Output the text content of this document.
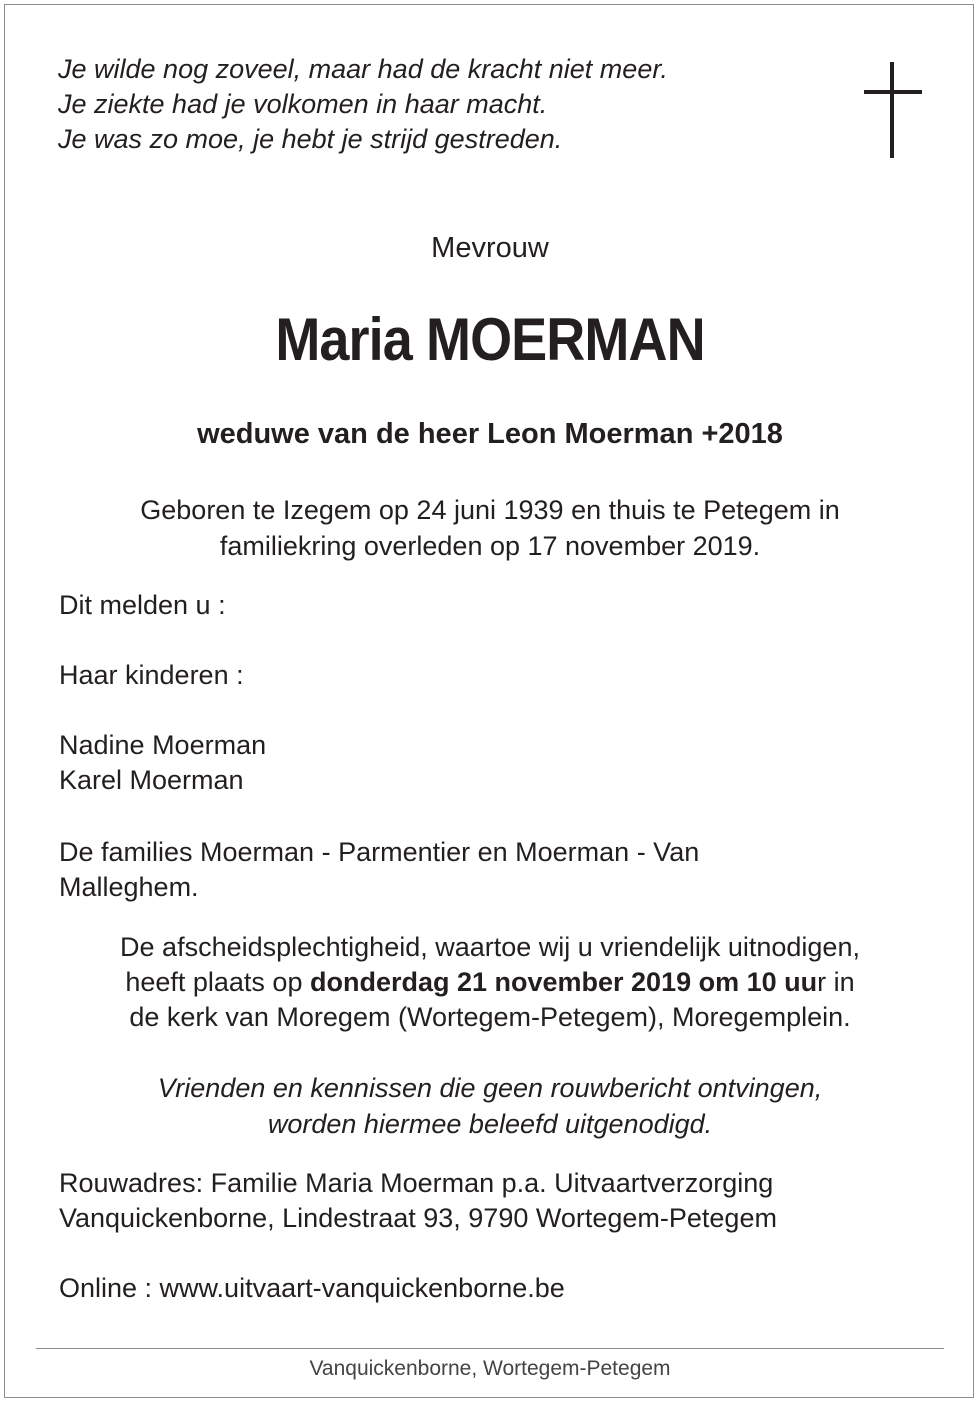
Je wilde nog zoveel, maar had de kracht niet meer.
Je ziekte had je volkomen in haar macht.
Je was zo moe, je hebt je strijd gestreden.
Mevrouw
Maria MOERMAN
weduwe van de heer Leon Moerman +2018
Geboren te Izegem op 24 juni 1939 en thuis te Petegem in
familiekring overleden op 17 november 2019.
Dit melden u :
Haar kinderen :
Nadine Moerman
Karel Moerman
De families Moerman - Parmentier en Moerman - Van
Malleghem.
De afscheidsplechtigheid, waartoe wij u vriendelijk uitnodigen,
heeft plaats op donderdag 21 november 2019 om 10 uur in
de kerk van Moregem (Wortegem-Petegem), Moregemplein.
Vrienden en kennissen die geen rouwbericht ontvingen,
worden hiermee beleefd uitgenodigd.
Rouwadres: Familie Maria Moerman p.a. Uitvaartverzorging
Vanquickenborne, Lindestraat 93, 9790 Wortegem-Petegem
Online : www.uitvaart-vanquickenborne.be
Vanquickenborne, Wortegem-Petegem
